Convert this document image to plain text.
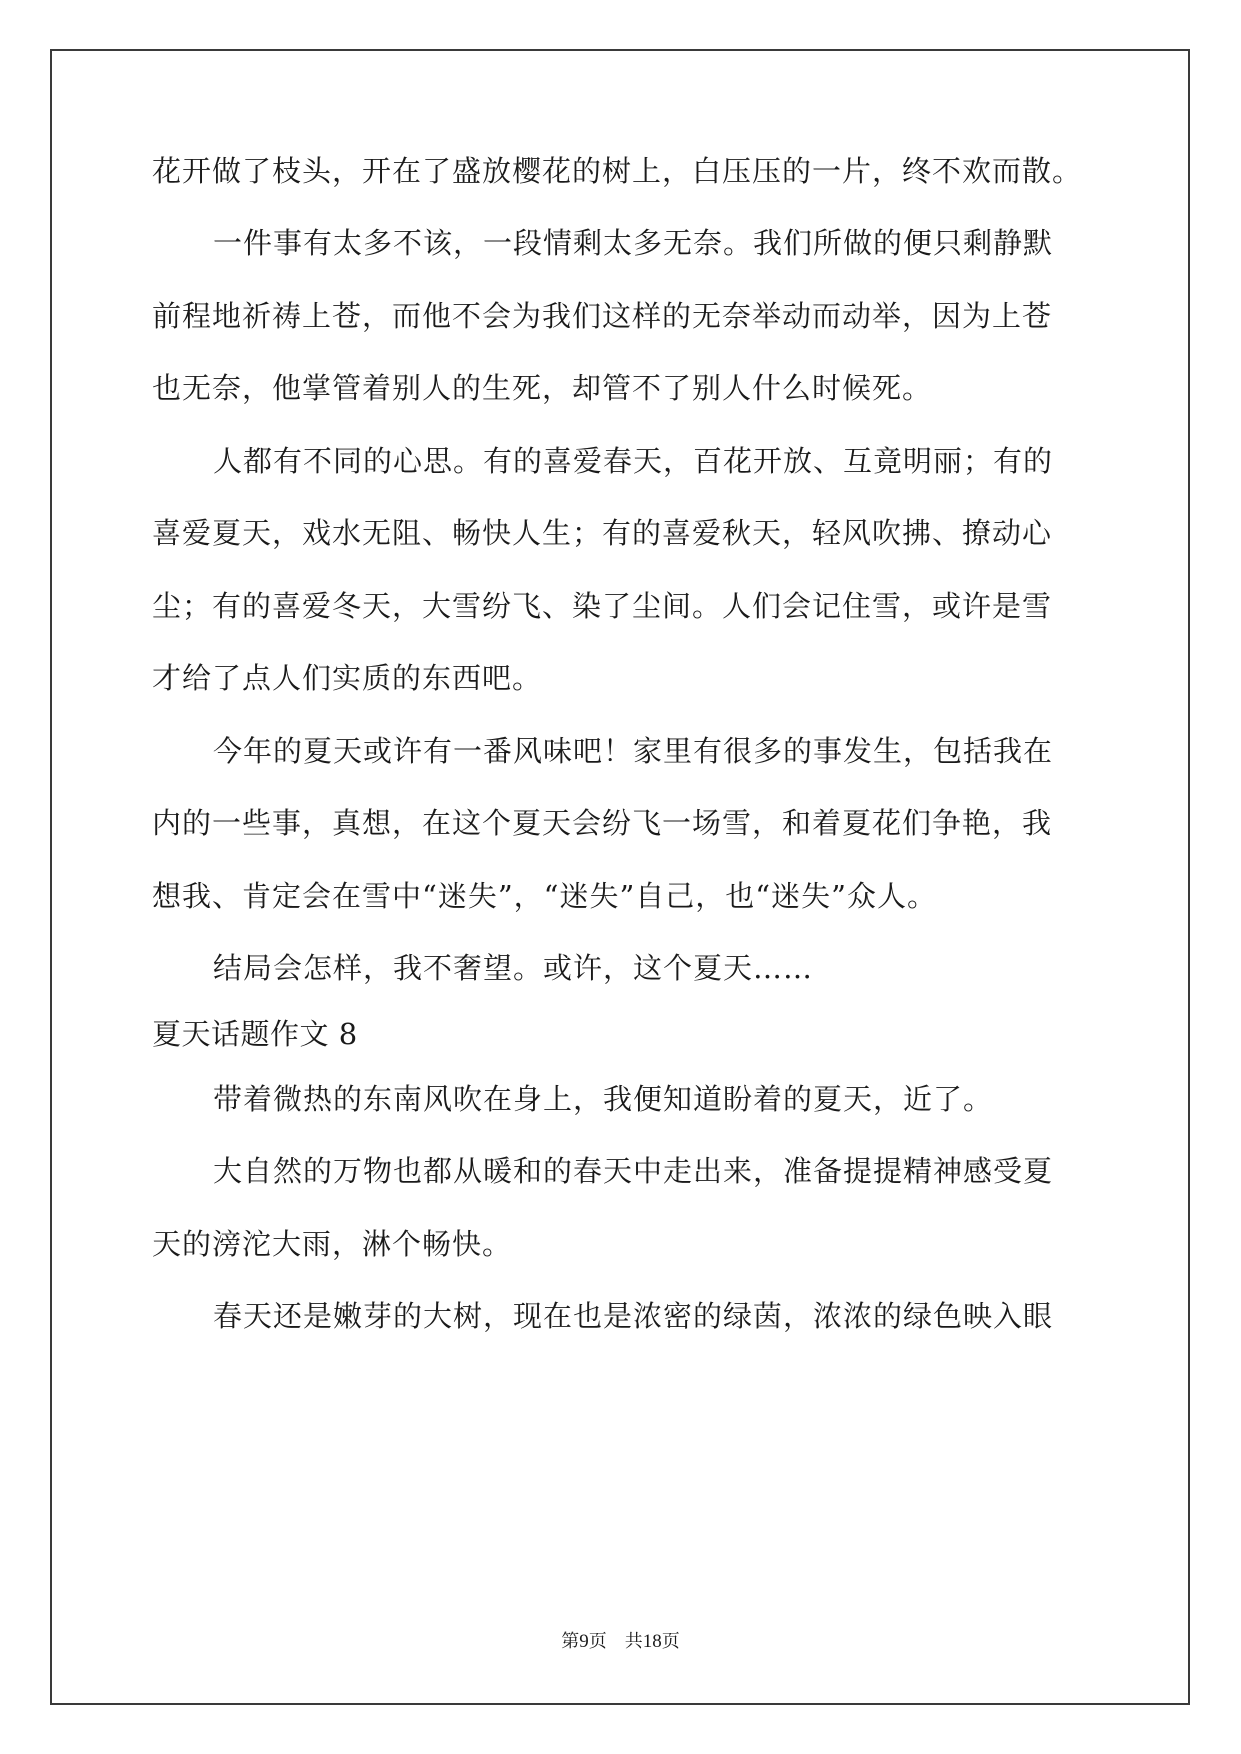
花开做了枝头，开在了盛放樱花的树上，白压压的一片，终不欢而散。

一件事有太多不该，一段情剩太多无奈。我们所做的便只剩静默

前程地祈祷上苍，而他不会为我们这样的无奈举动而动举，因为上苍

也无奈，他掌管着别人的生死，却管不了别人什么时候死。

人都有不同的心思。有的喜爱春天，百花开放、互竟明丽；有的

喜爱夏天，戏水无阻、畅快人生；有的喜爱秋天，轻风吹拂、撩动心

尘；有的喜爱冬天，大雪纷飞、染了尘间。人们会记住雪，或许是雪

才给了点人们实质的东西吧。

今年的夏天或许有一番风味吧！家里有很多的事发生，包括我在

内的一些事，真想，在这个夏天会纷飞一场雪，和着夏花们争艳，我

想我、肯定会在雪中“迷失”，“迷失”自己，也“迷失”众人。

结局会怎样，我不奢望。或许，这个夏天……

夏天话题作文 8

带着微热的东南风吹在身上，我便知道盼着的夏天，近了。

大自然的万物也都从暖和的春天中走出来，准备提提精神感受夏

天的滂沱大雨，淋个畅快。

春天还是嫩芽的大树，现在也是浓密的绿茵，浓浓的绿色映入眼

第9页 共18页
